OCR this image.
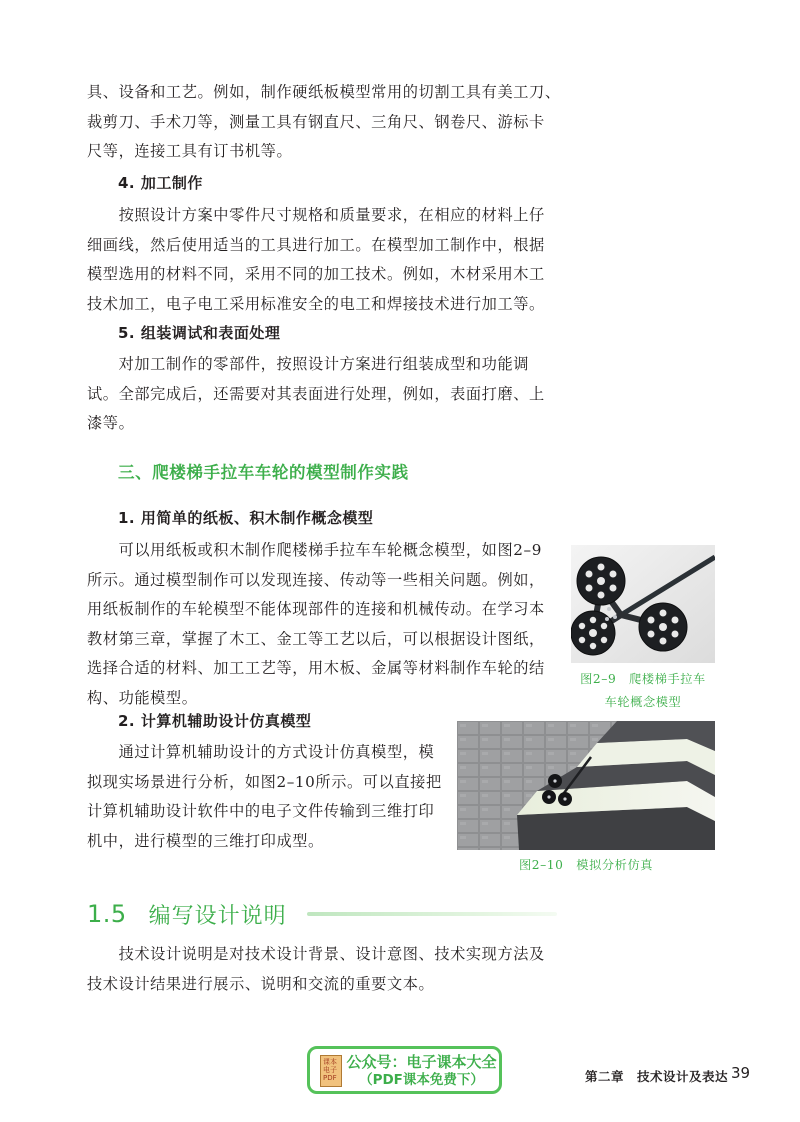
具、设备和工艺。例如，制作硬纸板模型常用的切割工具有美工刀、
裁剪刀、手术刀等，测量工具有钢直尺、三角尺、钢卷尺、游标卡
尺等，连接工具有订书机等。

4. 加工制作

　　按照设计方案中零件尺寸规格和质量要求，在相应的材料上仔
细画线，然后使用适当的工具进行加工。在模型加工制作中，根据
模型选用的材料不同，采用不同的加工技术。例如，木材采用木工
技术加工，电子电工采用标准安全的电工和焊接技术进行加工等。

5. 组装调试和表面处理

　　对加工制作的零部件，按照设计方案进行组装成型和功能调
试。全部完成后，还需要对其表面进行处理，例如，表面打磨、上
漆等。

三、爬楼梯手拉车车轮的模型制作实践
1. 用简单的纸板、积木制作概念模型

　　可以用纸板或积木制作爬楼梯手拉车车轮概念模型，如图2–9
所示。通过模型制作可以发现连接、传动等一些相关问题。例如，
用纸板制作的车轮模型不能体现部件的连接和机械传动。在学习本
教材第三章，掌握了木工、金工等工艺以后，可以根据设计图纸，
选择合适的材料、加工工艺等，用木板、金属等材料制作车轮的结
构、功能模型。

图2–9　爬楼梯手拉车
车轮概念模型
2. 计算机辅助设计仿真模型

　　通过计算机辅助设计的方式设计仿真模型，模
拟现实场景进行分析，如图2–10所示。可以直接把
计算机辅助设计软件中的电子文件传输到三维打印
机中，进行模型的三维打印成型。

图2–10　模拟分析仿真
1.5 编写设计说明

　　技术设计说明是对技术设计背景、设计意图、技术实现方法及
技术设计结果进行展示、说明和交流的重要文本。

课本
电子
PDF
公众号：电子课本大全
（PDF课本免费下）	第二章　技术设计及表达 39
